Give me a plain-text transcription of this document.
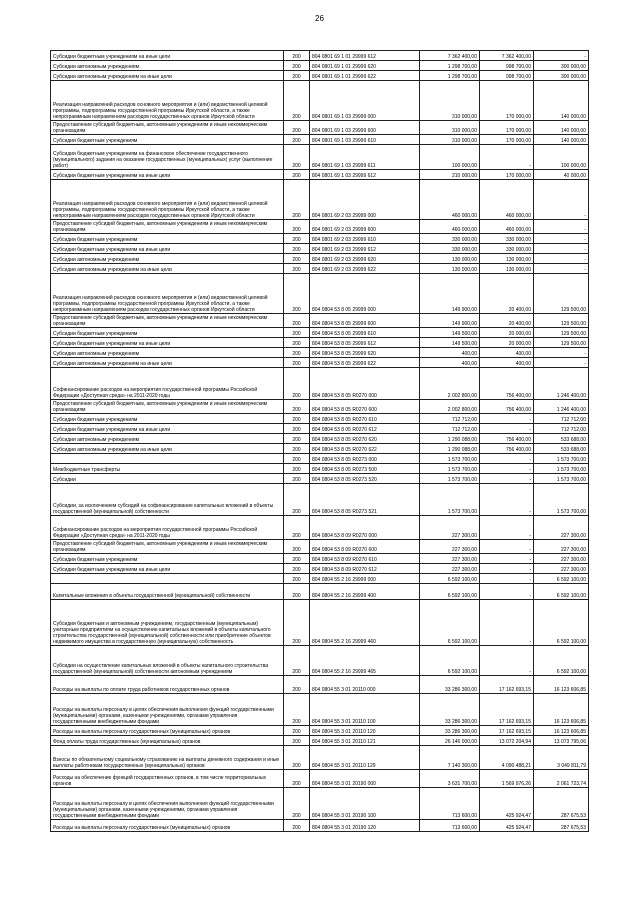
26
Субсидии бюджетным учреждениям на иные цели	200	804 0801 69 1 01 29999 612	7 362 400,00	7 362 400,00	-
Субсидии автономным учреждениям	200	804 0801 69 1 01 29999 620	1 298 700,00	998 700,00	300 000,00
Субсидии автономным учреждениям на иные цели	200	804 0801 69 1 01 29999 622	1 298 700,00	998 700,00	300 000,00
Реализация направлений расходов основного мероприятия и (или) ведомственной целевой программы, подпрограммы государственной программы Иркутской области, а также непрограммным направлениям расходов государственных органов Иркутской области	200	804 0801 69 1 03 29999 000	310 000,00	170 000,00	140 000,00
Предоставление субсидий бюджетным, автономным учреждениям и иным некоммерческим организациям	200	804 0801 69 1 03 29999 600	310 000,00	170 000,00	140 000,00
Субсидии бюджетным учреждениям	200	804 0801 69 1 03 29999 610	310 000,00	170 000,00	140 000,00
Субсидии бюджетным учреждениям на финансовое обеспечение государственного (муниципального) задания на оказание государственных (муниципальных) услуг (выполнение работ)	200	804 0801 69 1 03 29999 611	100 000,00	-	100 000,00
Субсидии бюджетным учреждениям на иные цели	200	804 0801 69 1 03 29999 612	210 000,00	170 000,00	40 000,00
Реализация направлений расходов основного мероприятия и (или) ведомственной целевой программы, подпрограммы государственной программы Иркутской области, а также непрограммным направлениям расходов государственных органов Иркутской области	200	804 0801 69 2 03 29999 000	460 000,00	460 000,00	-
Предоставление субсидий бюджетным, автономным учреждениям и иным некоммерческим организациям	200	804 0801 69 2 03 29999 600	460 000,00	460 000,00	-
Субсидии бюджетным учреждениям	200	804 0801 69 2 03 29999 610	330 000,00	330 000,00	-
Субсидии бюджетным учреждениям на иные цели	200	804 0801 69 2 03 29999 612	330 000,00	330 000,00	-
Субсидии автономным учреждениям	200	804 0801 69 2 03 29999 620	130 000,00	130 000,00	-
Субсидии автономным учреждениям на иные цели	200	804 0801 69 2 03 29999 622	130 000,00	130 000,00	-
Реализация направлений расходов основного мероприятия и (или) ведомственной целевой программы, подпрограммы государственной программы Иркутской области, а также непрограммным направлениям расходов государственных органов Иркутской области	200	804 0804 53 8 05 29999 000	149 900,00	20 400,00	129 500,00
Предоставление субсидий бюджетным, автономным учреждениям и иным некоммерческим организациям	200	804 0804 53 8 05 29999 600	149 900,00	20 400,00	129 500,00
Субсидии бюджетным учреждениям	200	804 0804 53 8 05 29999 610	149 500,00	20 000,00	129 500,00
Субсидии бюджетным учреждениям на иные цели	200	804 0804 53 8 05 29999 612	149 500,00	20 000,00	129 500,00
Субсидии автономным учреждениям	200	804 0804 53 8 05 29999 620	400,00	400,00	-
Субсидии автономным учреждениям на иные цели	200	804 0804 53 8 05 29999 622	400,00	400,00	-
Софинансирование расходов на мероприятия государственной программы Российской Федерации «Доступная среда» на 2011-2020 годы	200	804 0804 53 8 05 R0270 000	2 002 800,00	756 400,00	1 246 400,00
Предоставление субсидий бюджетным, автономным учреждениям и иным некоммерческим организациям	200	804 0804 53 8 05 R0270 600	2 002 800,00	756 400,00	1 246 400,00
Субсидии бюджетным учреждениям	200	804 0804 53 8 05 R0270 610	712 712,00	-	712 712,00
Субсидии бюджетным учреждениям на иные цели	200	804 0804 53 8 05 R0270 612	712 712,00	-	712 712,00
Субсидии автономным учреждениям	200	804 0804 53 8 05 R0270 620	1 290 088,00	756 400,00	533 688,00
Субсидии автономным учреждениям на иные цели	200	804 0804 53 8 05 R0270 622	1 290 088,00	756 400,00	533 688,00
	200	804 0804 53 8 05 R0273 000	1 573 700,00	-	1 573 700,00
Межбюджетные трансферты	200	804 0804 53 8 05 R0273 500	1 573 700,00	-	1 573 700,00
Субсидии	200	804 0804 53 8 05 R0273 520	1 573 700,00	-	1 573 700,00
Субсидии, за исключением субсидий на софинансирование капитальных вложений в объекты государственной (муниципальной) собственности	200	804 0804 53 8 05 R0273 521	1 573 700,00	-	1 573 700,00
Софинансирование расходов на мероприятия государственной программы Российской Федерации «Доступная среда» на 2011-2020 годы	200	804 0804 53 8 09 R0270 000	227 300,00	-	227 300,00
Предоставление субсидий бюджетным, автономным учреждениям и иным некоммерческим организациям	200	804 0804 53 8 09 R0270 600	227 300,00	-	227 300,00
Субсидии бюджетным учреждениям	200	804 0804 53 8 09 R0270 610	227 300,00	-	227 300,00
Субсидии бюджетным учреждениям на иные цели	200	804 0804 53 8 09 R0270 612	227 300,00	-	227 300,00
	200	804 0804 55 2 16 29999 000	6 592 100,00	-	6 592 100,00
Капитальные вложения в объекты государственной (муниципальной) собственности	200	804 0804 55 2 16 29999 400	6 592 100,00	-	6 592 100,00
Субсидии бюджетным и автономным учреждениям, государственным (муниципальным) унитарным предприятиям на осуществление капитальных вложений в объекты капитального строительства государственной (муниципальной) собственности или приобретение объектов недвижимого имущества в государственную (муниципальную) собственность	200	804 0804 55 2 16 29999 460	6 592 100,00	-	6 592 100,00
Субсидии на осуществление капитальных вложений в объекты капитального строительства государственной (муниципальной) собственности автономным учреждениям	200	804 0804 55 2 16 29999 465	6 592 100,00	-	6 592 100,00
Расходы на выплаты по оплате труда работников государственных органов	200	804 0804 55 3 01 20110 000	33 286 300,00	17 162 693,15	16 123 606,85
Расходы на выплаты персоналу в целях обеспечения выполнения функций государственными (муниципальными) органами, казенными учреждениями, органами управления государственными внебюджетными фондами	200	804 0804 55 3 01 20110 100	33 286 300,00	17 162 693,15	16 123 606,85
Расходы на выплаты персоналу государственных (муниципальных) органов	200	804 0804 55 3 01 20110 120	33 286 300,00	17 162 693,15	16 123 606,85
Фонд оплаты труда государственных (муниципальных) органов	200	804 0804 55 3 01 20110 121	26 146 000,00	13 072 204,94	13 073 795,06
Взносы по обязательному социальному страхованию на выплаты денежного содержания и иные выплаты работникам государственных (муниципальных) органов	200	804 0804 55 3 01 20110 129	7 140 300,00	4 090 488,21	3 049 811,79
Расходы на обеспечение функций государственных органов, в том числе территориальных органов	200	804 0804 55 3 01 20190 000	3 631 700,00	1 569 976,26	2 061 723,74
Расходы на выплаты персоналу в целях обеспечения выполнения функций государственными (муниципальными) органами, казенными учреждениями, органами управления государственными внебюджетными фондами	200	804 0804 55 3 01 20190 100	713 600,00	425 924,47	287 675,53
Расходы на выплаты персоналу государственных (муниципальных) органов	200	804 0804 55 3 01 20190 120	713 600,00	425 924,47	287 675,53
